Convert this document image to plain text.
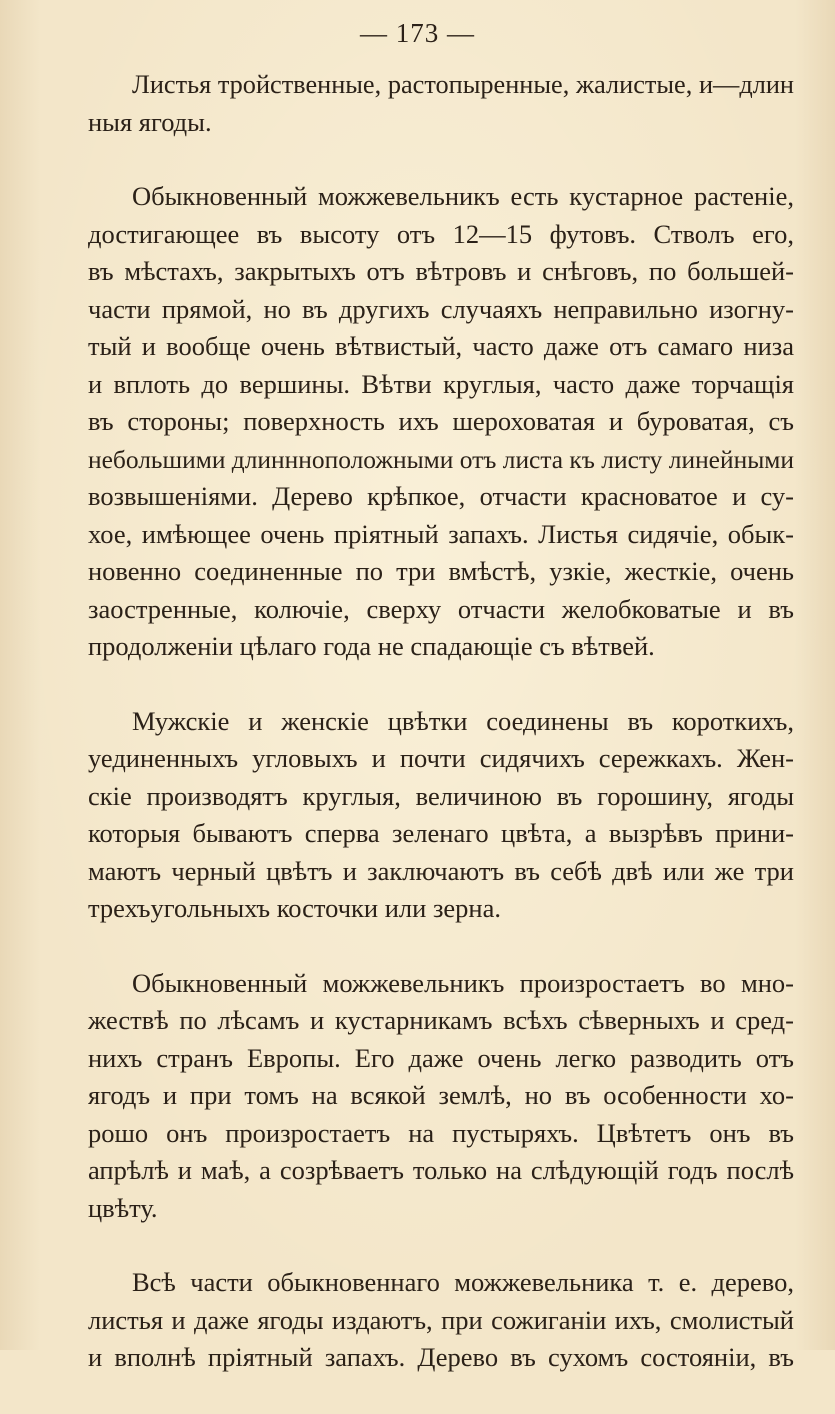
— 173 —

Листья тройственные, растопыренные, жалистые, и—длин
ныя ягоды.

Обыкновенный можжевельникъ есть кустарное растеніе,
достигающее въ высоту отъ 12—15 футовъ. Стволъ его,
въ мѣстахъ, закрытыхъ отъ вѣтровъ и снѣговъ, по большей-
части прямой, но въ другихъ случаяхъ неправильно изогну-
тый и вообще очень вѣтвистый, часто даже отъ самаго низа
и вплоть до вершины. Вѣтви круглыя, часто даже торчащія
въ стороны; поверхность ихъ шероховатая и буроватая, съ
небольшими длиннноположными отъ листа къ листу линейными
возвышеніями. Дерево крѣпкое, отчасти красноватое и су-
хое, имѣющее очень пріятный запахъ. Листья сидячіе, обык-
новенно соединенные по три вмѣстѣ, узкіе, жесткіе, очень
заостренные, колючіе, сверху отчасти желобковатые и въ
продолженіи цѣлаго года не спадающіе съ вѣтвей.

Мужскіе и женскіе цвѣтки соединены въ короткихъ,
уединенныхъ угловыхъ и почти сидячихъ сережкахъ. Жен-
скіе производятъ круглыя, величиною въ горошину, ягоды
которыя бываютъ сперва зеленаго цвѣта, а вызрѣвъ прини-
маютъ черный цвѣтъ и заключаютъ въ себѣ двѣ или же три
трехъугольныхъ косточки или зерна.

Обыкновенный можжевельникъ произростаетъ во мно-
жествѣ по лѣсамъ и кустарникамъ всѣхъ сѣверныхъ и сред-
нихъ странъ Европы. Его даже очень легко разводить отъ
ягодъ и при томъ на всякой землѣ, но въ особенности хо-
рошо онъ произростаетъ на пустыряхъ. Цвѣтетъ онъ въ
апрѣлѣ и маѣ, а созрѣваетъ только на слѣдующій годъ послѣ
цвѣту.

Всѣ части обыкновеннаго можжевельника т. е. дерево,
листья и даже ягоды издаютъ, при сожиганіи ихъ, смолистый
и вполнѣ пріятный запахъ. Дерево въ сухомъ состояніи, въ
